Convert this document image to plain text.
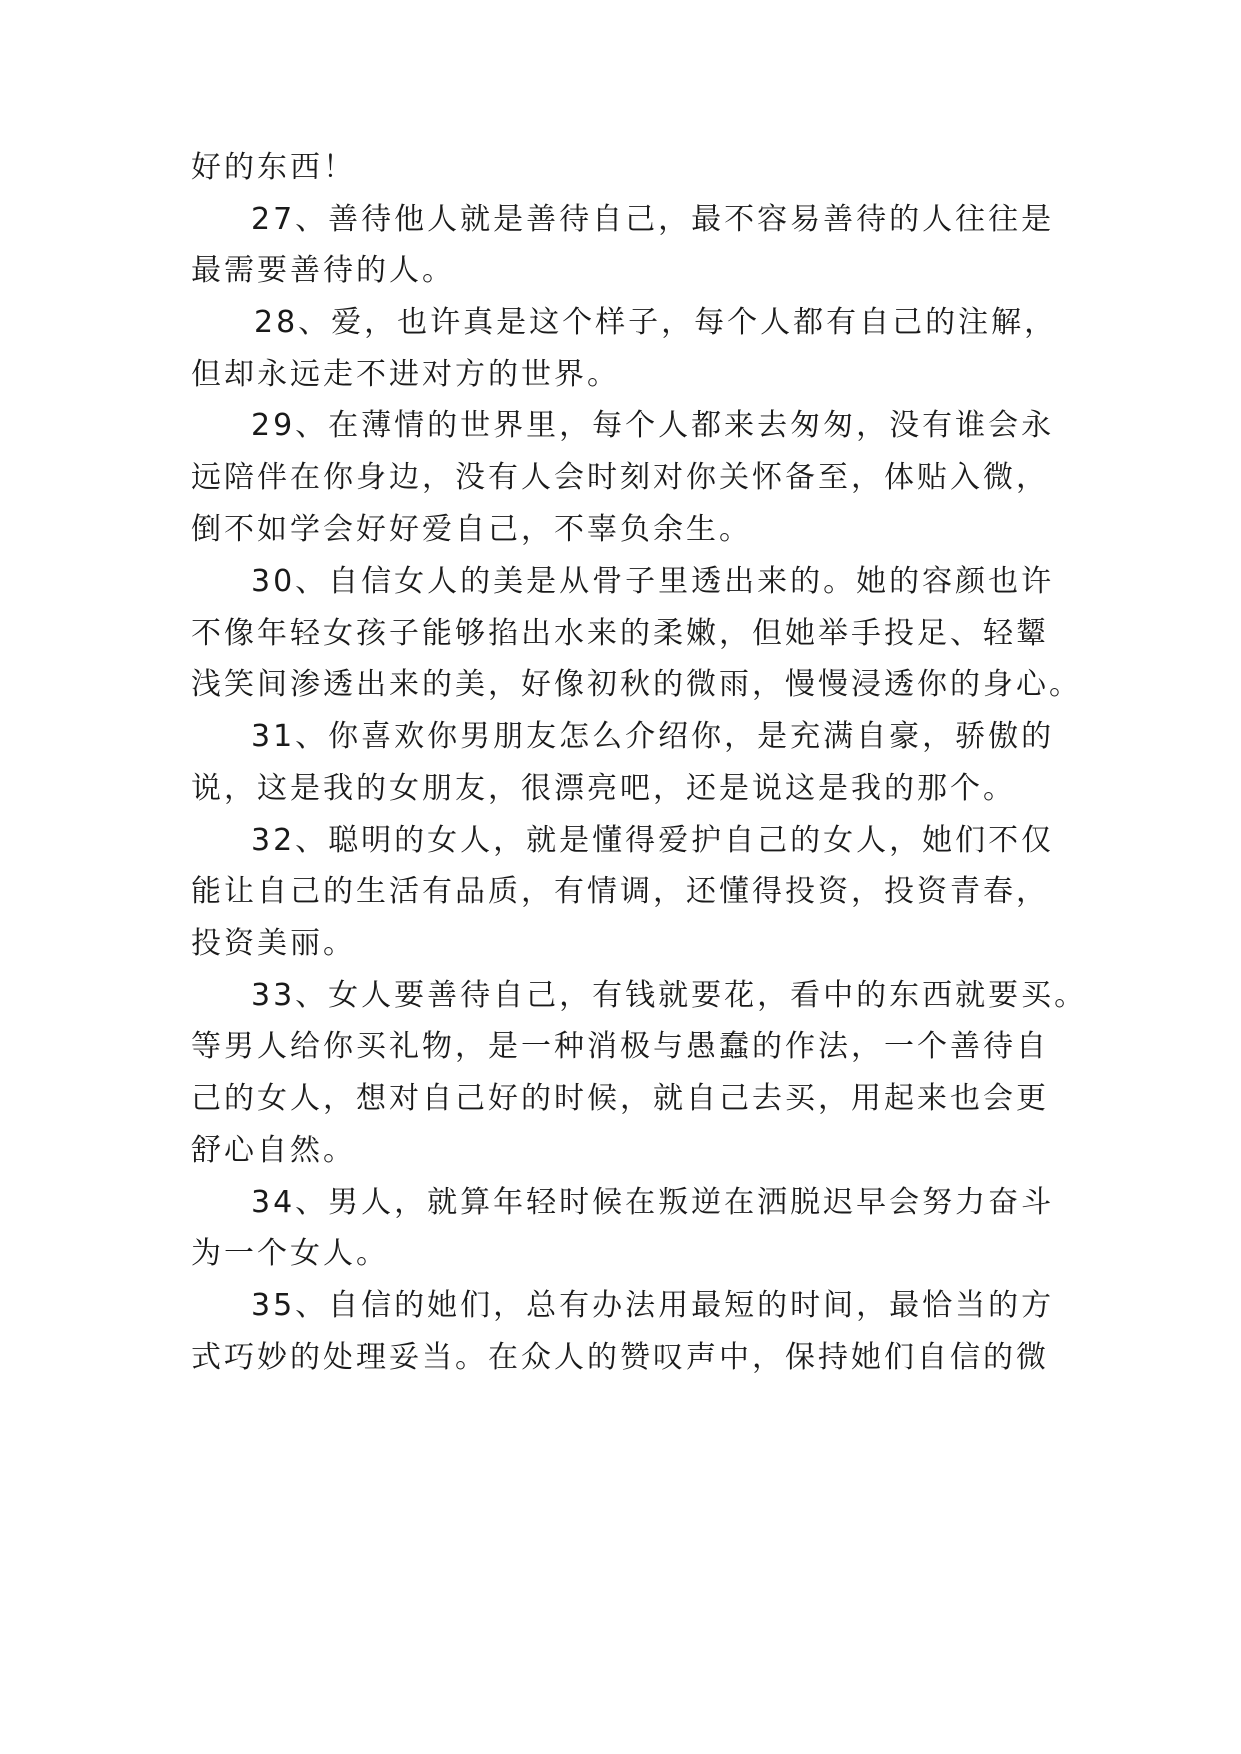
好的东西！
27、善待他人就是善待自己，最不容易善待的人往往是
最需要善待的人。
28、爱，也许真是这个样子，每个人都有自己的注解，
但却永远走不进对方的世界。
29、在薄情的世界里，每个人都来去匆匆，没有谁会永
远陪伴在你身边，没有人会时刻对你关怀备至，体贴入微，
倒不如学会好好爱自己，不辜负余生。
30、自信女人的美是从骨子里透出来的。她的容颜也许
不像年轻女孩子能够掐出水来的柔嫩，但她举手投足、轻颦
浅笑间渗透出来的美，好像初秋的微雨，慢慢浸透你的身心。
31、你喜欢你男朋友怎么介绍你，是充满自豪，骄傲的
说，这是我的女朋友，很漂亮吧，还是说这是我的那个。
32、聪明的女人，就是懂得爱护自己的女人，她们不仅
能让自己的生活有品质，有情调，还懂得投资，投资青春，
投资美丽。
33、女人要善待自己，有钱就要花，看中的东西就要买。
等男人给你买礼物，是一种消极与愚蠢的作法，一个善待自
己的女人，想对自己好的时候，就自己去买，用起来也会更
舒心自然。
34、男人，就算年轻时候在叛逆在洒脱迟早会努力奋斗
为一个女人。
35、自信的她们，总有办法用最短的时间，最恰当的方
式巧妙的处理妥当。在众人的赞叹声中，保持她们自信的微
